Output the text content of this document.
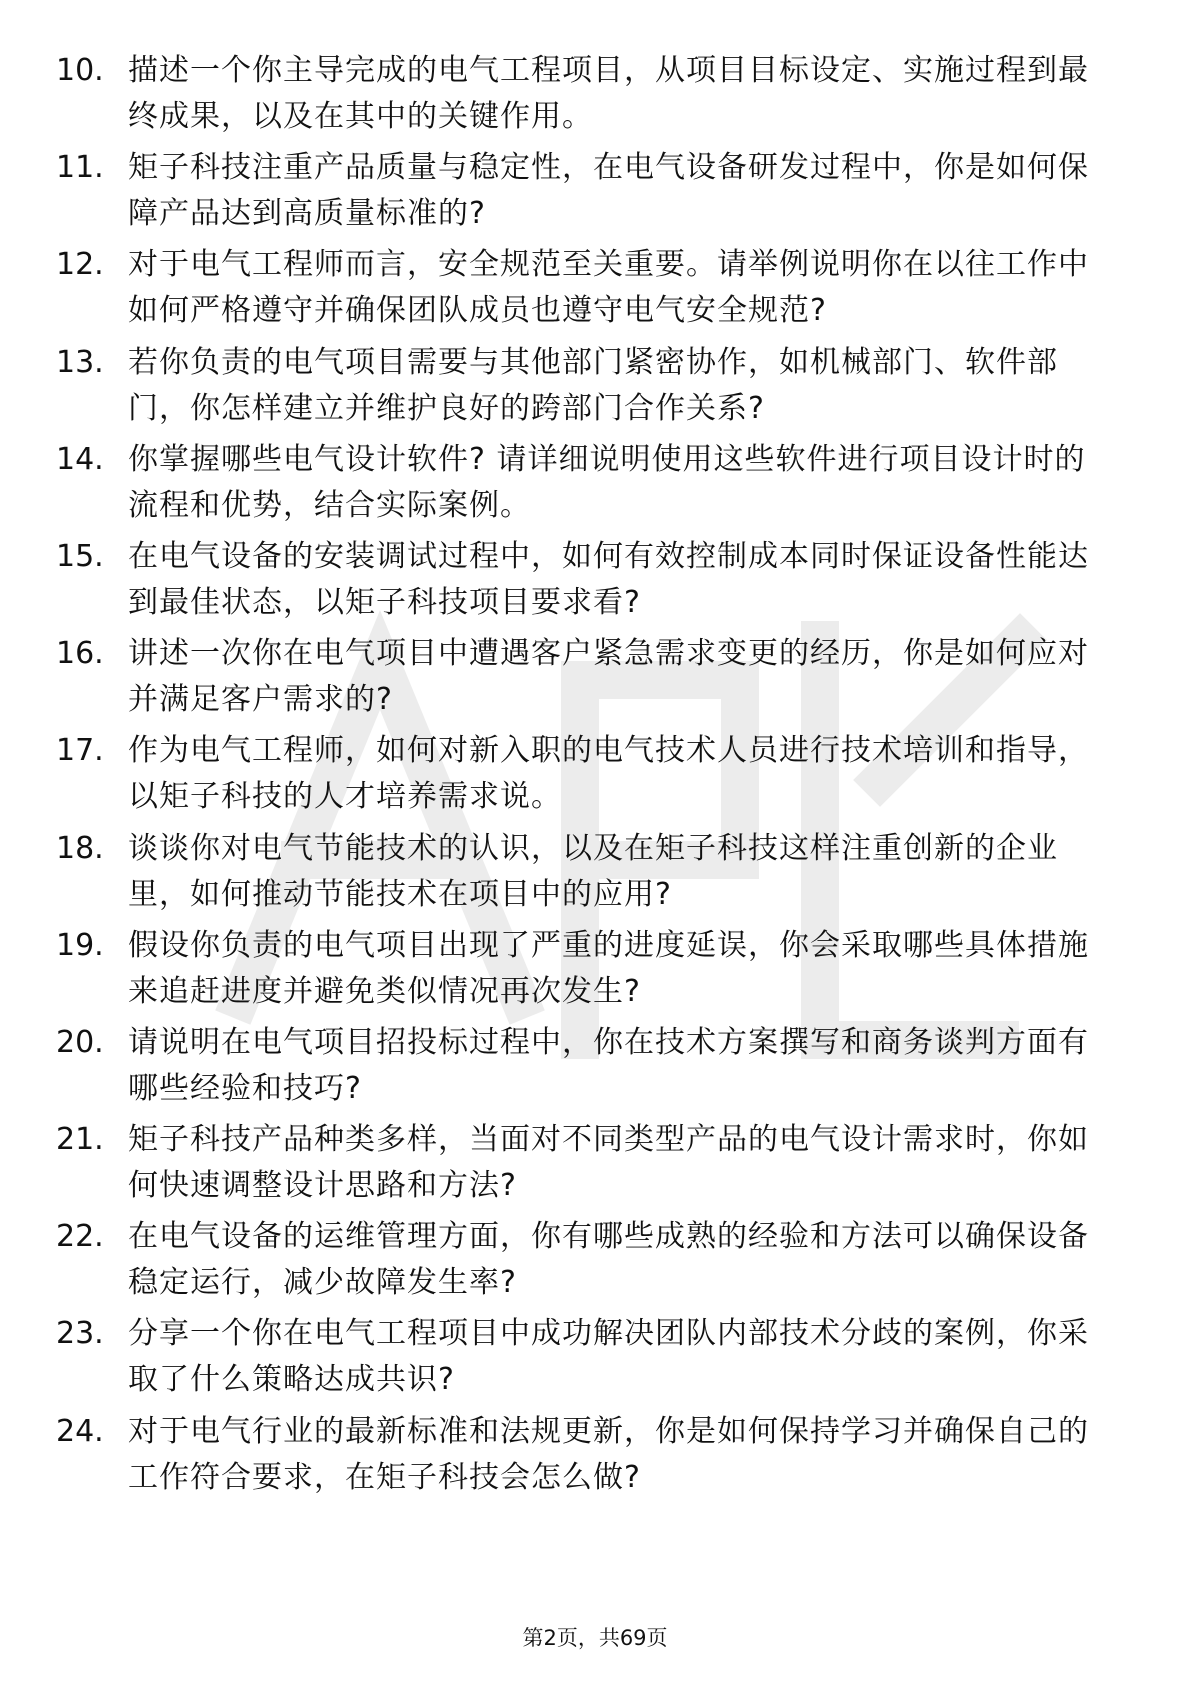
10. 描述一个你主导完成的电气工程项目，从项目目标设定、实施过程到最终成果，以及在其中的关键作用。
11. 矩子科技注重产品质量与稳定性，在电气设备研发过程中，你是如何保障产品达到高质量标准的?
12. 对于电气工程师而言，安全规范至关重要。请举例说明你在以往工作中如何严格遵守并确保团队成员也遵守电气安全规范?
13. 若你负责的电气项目需要与其他部门紧密协作，如机械部门、软件部门，你怎样建立并维护良好的跨部门合作关系?
14. 你掌握哪些电气设计软件? 请详细说明使用这些软件进行项目设计时的流程和优势，结合实际案例。
15. 在电气设备的安装调试过程中，如何有效控制成本同时保证设备性能达到最佳状态，以矩子科技项目要求看?
16. 讲述一次你在电气项目中遭遇客户紧急需求变更的经历，你是如何应对并满足客户需求的?
17. 作为电气工程师，如何对新入职的电气技术人员进行技术培训和指导，以矩子科技的人才培养需求说。
18. 谈谈你对电气节能技术的认识，以及在矩子科技这样注重创新的企业里，如何推动节能技术在项目中的应用?
19. 假设你负责的电气项目出现了严重的进度延误，你会采取哪些具体措施来追赶进度并避免类似情况再次发生?
20. 请说明在电气项目招投标过程中，你在技术方案撰写和商务谈判方面有哪些经验和技巧?
21. 矩子科技产品种类多样，当面对不同类型产品的电气设计需求时，你如何快速调整设计思路和方法?
22. 在电气设备的运维管理方面，你有哪些成熟的经验和方法可以确保设备稳定运行，减少故障发生率?
23. 分享一个你在电气工程项目中成功解决团队内部技术分歧的案例，你采取了什么策略达成共识?
24. 对于电气行业的最新标准和法规更新，你是如何保持学习并确保自己的工作符合要求，在矩子科技会怎么做?
第2页，共69页
